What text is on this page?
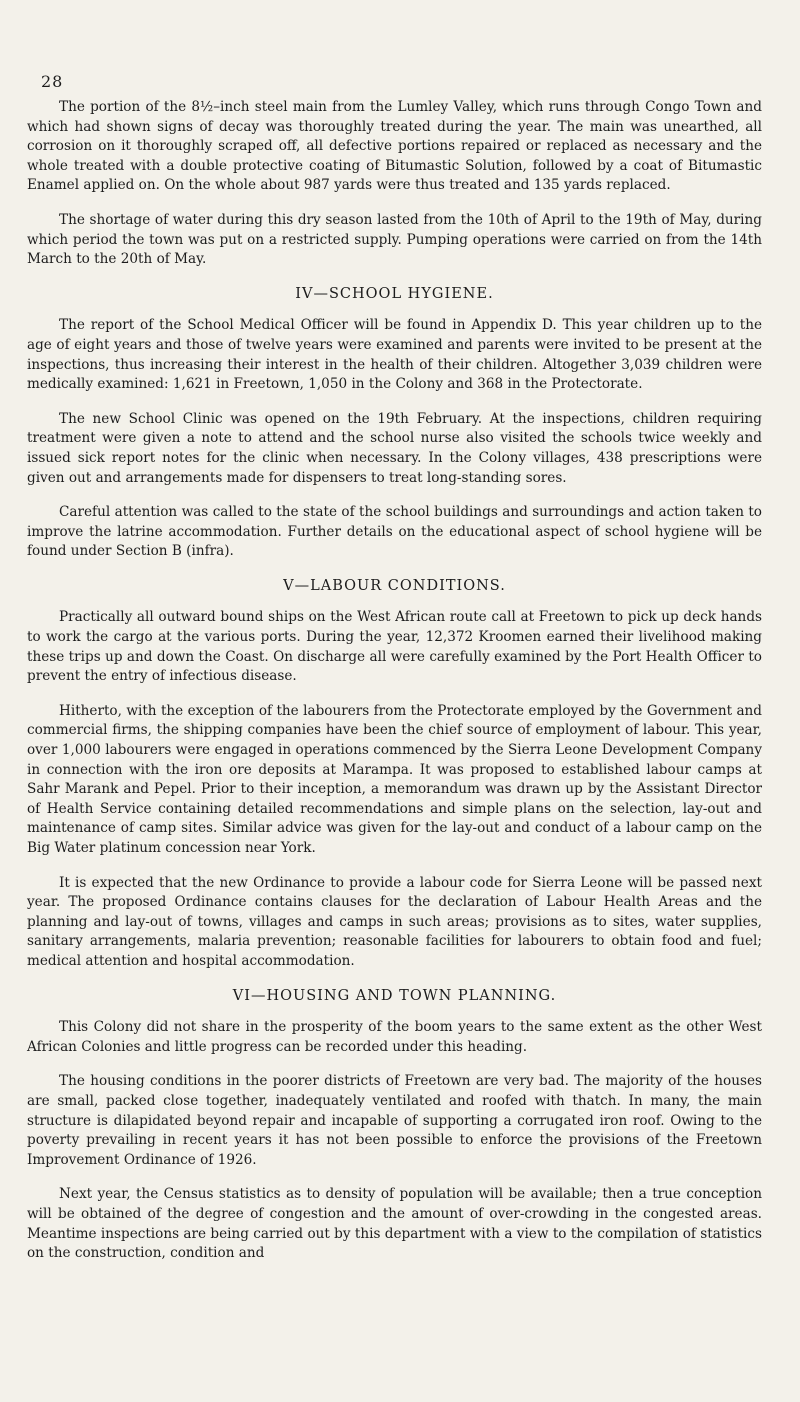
28

The portion of the 8½–inch steel main from the Lumley Valley, which runs through Congo Town and which had shown signs of decay was thoroughly treated during the year. The main was unearthed, all corrosion on it thoroughly scraped off, all defective portions repaired or replaced as necessary and the whole treated with a double protective coating of Bitumastic Solution, followed by a coat of Bitumastic Enamel applied on. On the whole about 987 yards were thus treated and 135 yards replaced.

The shortage of water during this dry season lasted from the 10th of April to the 19th of May, during which period the town was put on a restricted supply. Pumping operations were carried on from the 14th March to the 20th of May.

IV—SCHOOL HYGIENE.

The report of the School Medical Officer will be found in Appendix D. This year children up to the age of eight years and those of twelve years were examined and parents were invited to be present at the inspections, thus increasing their interest in the health of their children. Altogether 3,039 children were medically examined: 1,621 in Freetown, 1,050 in the Colony and 368 in the Protectorate.

The new School Clinic was opened on the 19th February. At the inspections, children requiring treatment were given a note to attend and the school nurse also visited the schools twice weekly and issued sick report notes for the clinic when necessary. In the Colony villages, 438 prescriptions were given out and arrangements made for dispensers to treat long-standing sores.

Careful attention was called to the state of the school buildings and surroundings and action taken to improve the latrine accommodation. Further details on the educational aspect of school hygiene will be found under Section B (infra).

V—LABOUR CONDITIONS.

Practically all outward bound ships on the West African route call at Freetown to pick up deck hands to work the cargo at the various ports. During the year, 12,372 Kroomen earned their livelihood making these trips up and down the Coast. On discharge all were carefully examined by the Port Health Officer to prevent the entry of infectious disease.

Hitherto, with the exception of the labourers from the Protectorate employed by the Government and commercial firms, the shipping companies have been the chief source of employment of labour. This year, over 1,000 labourers were engaged in operations commenced by the Sierra Leone Development Company in connection with the iron ore deposits at Marampa. It was proposed to established labour camps at Sahr Marank and Pepel. Prior to their inception, a memorandum was drawn up by the Assistant Director of Health Service containing detailed recommendations and simple plans on the selection, lay-out and maintenance of camp sites. Similar advice was given for the lay-out and conduct of a labour camp on the Big Water platinum concession near York.

It is expected that the new Ordinance to provide a labour code for Sierra Leone will be passed next year. The proposed Ordinance contains clauses for the declaration of Labour Health Areas and the planning and lay-out of towns, villages and camps in such areas; provisions as to sites, water supplies, sanitary arrangements, malaria prevention; reasonable facilities for labourers to obtain food and fuel; medical attention and hospital accommodation.

VI—HOUSING AND TOWN PLANNING.

This Colony did not share in the prosperity of the boom years to the same extent as the other West African Colonies and little progress can be recorded under this heading.

The housing conditions in the poorer districts of Freetown are very bad. The majority of the houses are small, packed close together, inadequately ventilated and roofed with thatch. In many, the main structure is dilapidated beyond repair and incapable of supporting a corrugated iron roof. Owing to the poverty prevailing in recent years it has not been possible to enforce the provisions of the Freetown Improvement Ordinance of 1926.

Next year, the Census statistics as to density of population will be available; then a true conception will be obtained of the degree of congestion and the amount of over-crowding in the congested areas. Meantime inspections are being carried out by this department with a view to the compilation of statistics on the construction, condition and
